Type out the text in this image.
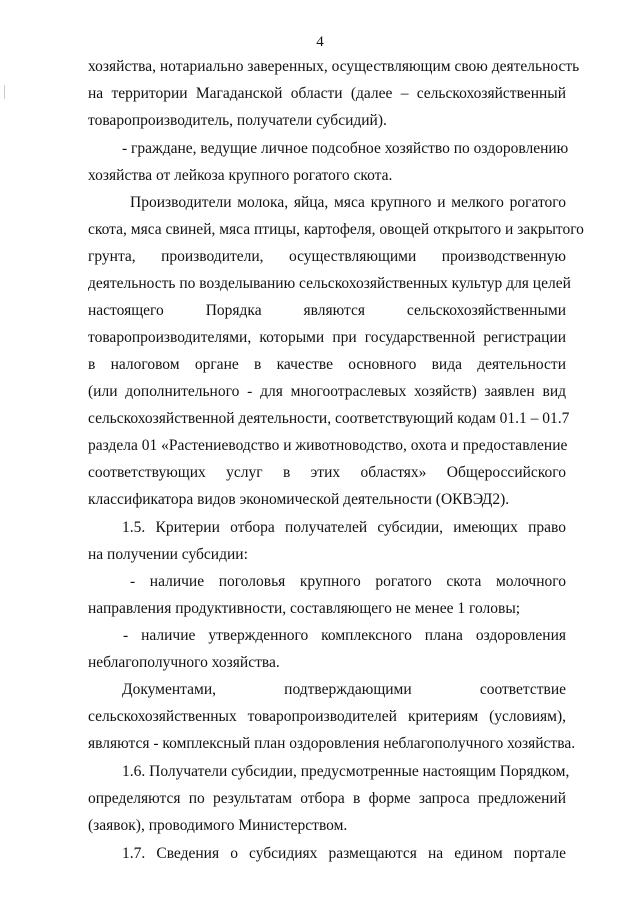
4
хозяйства, нотариально заверенных, осуществляющим свою деятельность
на территории Магаданской области (далее – сельскохозяйственный
товаропроизводитель, получатели субсидий).
- граждане, ведущие личное подсобное хозяйство по оздоровлению
хозяйства от лейкоза крупного рогатого скота.
Производители молока, яйца, мяса крупного и мелкого рогатого
скота, мяса свиней, мяса птицы, картофеля, овощей открытого и закрытого
грунта, производители, осуществляющими производственную
деятельность по возделыванию сельскохозяйственных культур для целей
настоящего Порядка являются сельскохозяйственными
товаропроизводителями, которыми при государственной регистрации
в налоговом органе в качестве основного вида деятельности
(или дополнительного - для многоотраслевых хозяйств) заявлен вид
сельскохозяйственной деятельности, соответствующий кодам 01.1 – 01.7
раздела 01 «Растениеводство и животноводство, охота и предоставление
соответствующих услуг в этих областях» Общероссийского
классификатора видов экономической деятельности (ОКВЭД2).
1.5. Критерии отбора получателей субсидии, имеющих право
на получении субсидии:
- наличие поголовья крупного рогатого скота молочного
направления продуктивности, составляющего не менее 1 головы;
- наличие утвержденного комплексного плана оздоровления
неблагополучного хозяйства.
Документами, подтверждающими соответствие
сельскохозяйственных товаропроизводителей критериям (условиям),
являются - комплексный план оздоровления неблагополучного хозяйства.
1.6. Получатели субсидии, предусмотренные настоящим Порядком,
определяются по результатам отбора в форме запроса предложений
(заявок), проводимого Министерством.
1.7. Сведения о субсидиях размещаются на едином портале
